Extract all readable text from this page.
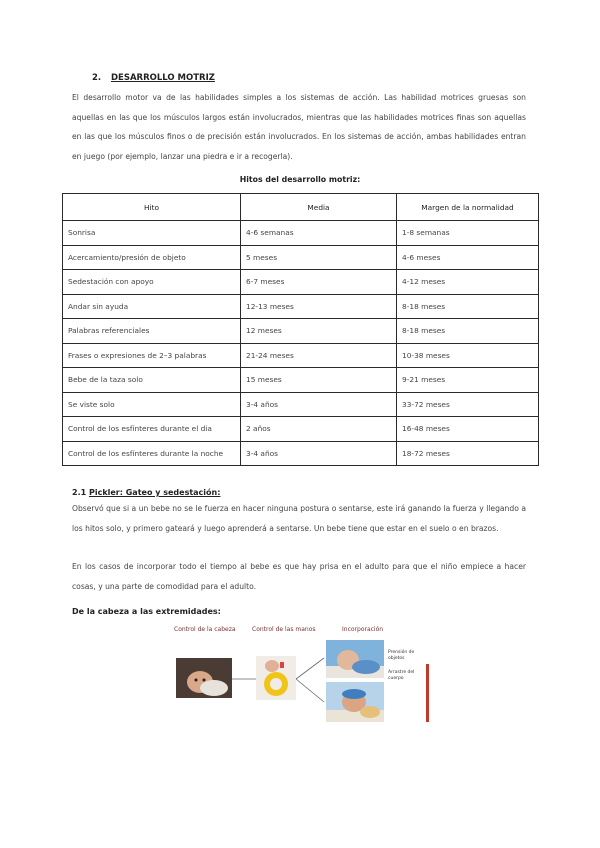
2. DESARROLLO MOTRIZ
El desarrollo motor va de las habilidades simples a los sistemas de acción. Las habilidad motrices gruesas son aquellas en las que los músculos largos están involucrados, mientras que las habilidades motrices finas son aquellas en las que los músculos finos o de precisión están involucrados. En los sistemas de acción, ambas habilidades entran en juego (por ejemplo, lanzar una piedra e ir a recogerla).
Hitos del desarrollo motriz:
Hito	Media	Margen de la normalidad
Sonrisa	4-6 semanas	1-8 semanas
Acercamiento/presión de objeto	5 meses	4-6 meses
Sedestación con apoyo	6-7 meses	4-12 meses
Andar sin ayuda	12-13 meses	8-18 meses
Palabras referenciales	12 meses	8-18 meses
Frases o expresiones de 2–3 palabras	21-24 meses	10-38 meses
Bebe de la taza solo	15 meses	9-21 meses
Se viste solo	3-4 años	33-72 meses
Control de los esfínteres durante el dia	2 años	16-48 meses
Control de los esfínteres durante la noche	3-4 años	18-72 meses
2.1 Pickler: Gateo y sedestación:
Observó que si a un bebe no se le fuerza en hacer ninguna postura o sentarse, este irá ganando la fuerza y llegando a los hitos solo, y primero gateará y luego aprenderá a sentarse. Un bebe tiene que estar en el suelo o en brazos.
En los casos de incorporar todo el tiempo al bebe es que hay prisa en el adulto para que el niño empiece a hacer cosas, y una parte de comodidad para el adulto.
De la cabeza a las extremidades:
Control de la cabeza	Control de las manos	Incorporación
Prensión de objetos
Arrastre del cuerpo
